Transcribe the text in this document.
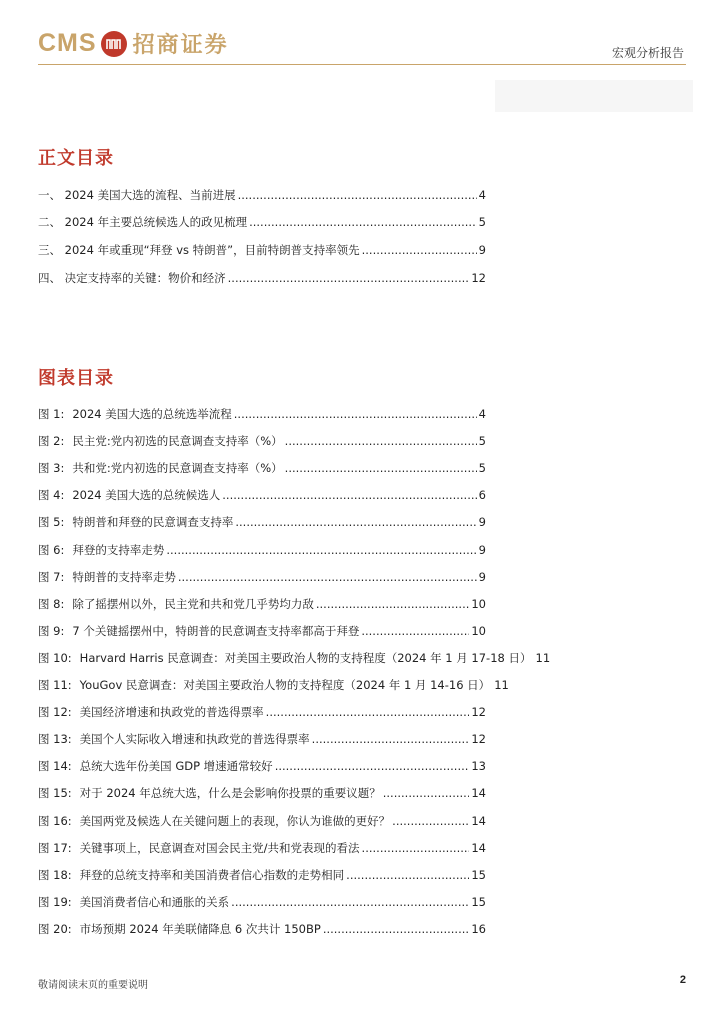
CMS 招商证券	宏观分析报告
正文目录
一、 2024 美国大选的流程、当前进展 .....	4
二、 2024 年主要总统候选人的政见梳理 .....	5
三、 2024 年或重现“拜登 vs 特朗普”，目前特朗普支持率领先 .....	9
四、 决定支持率的关键：物价和经济 .....	12
图表目录
图 1: 2024 美国大选的总统选举流程 .....	4
图 2: 民主党:党内初选的民意调查支持率（%） .....	5
图 3: 共和党:党内初选的民意调查支持率（%） .....	5
图 4: 2024 美国大选的总统候选人 .....	6
图 5: 特朗普和拜登的民意调查支持率 .....	9
图 6: 拜登的支持率走势 .....	9
图 7: 特朗普的支持率走势 .....	9
图 8: 除了摇摆州以外，民主党和共和党几乎势均力敌 .....	10
图 9: 7 个关键摇摆州中，特朗普的民意调查支持率都高于拜登 .....	10
图 10: Harvard Harris 民意调查：对美国主要政治人物的支持程度（2024 年 1 月 17-18 日） 11
图 11: YouGov 民意调查：对美国主要政治人物的支持程度（2024 年 1 月 14-16 日） 11
图 12: 美国经济增速和执政党的普选得票率 .....	12
图 13: 美国个人实际收入增速和执政党的普选得票率 .....	12
图 14: 总统大选年份美国 GDP 增速通常较好 .....	13
图 15: 对于 2024 年总统大选，什么是会影响你投票的重要议题？ .....	14
图 16: 美国两党及候选人在关键问题上的表现，你认为谁做的更好？ .....	14
图 17: 关键事项上，民意调查对国会民主党/共和党表现的看法 .....	14
图 18: 拜登的总统支持率和美国消费者信心指数的走势相同 .....	15
图 19: 美国消费者信心和通胀的关系 .....	15
图 20: 市场预期 2024 年美联储降息 6 次共计 150BP .....	16
敬请阅读末页的重要说明	2
